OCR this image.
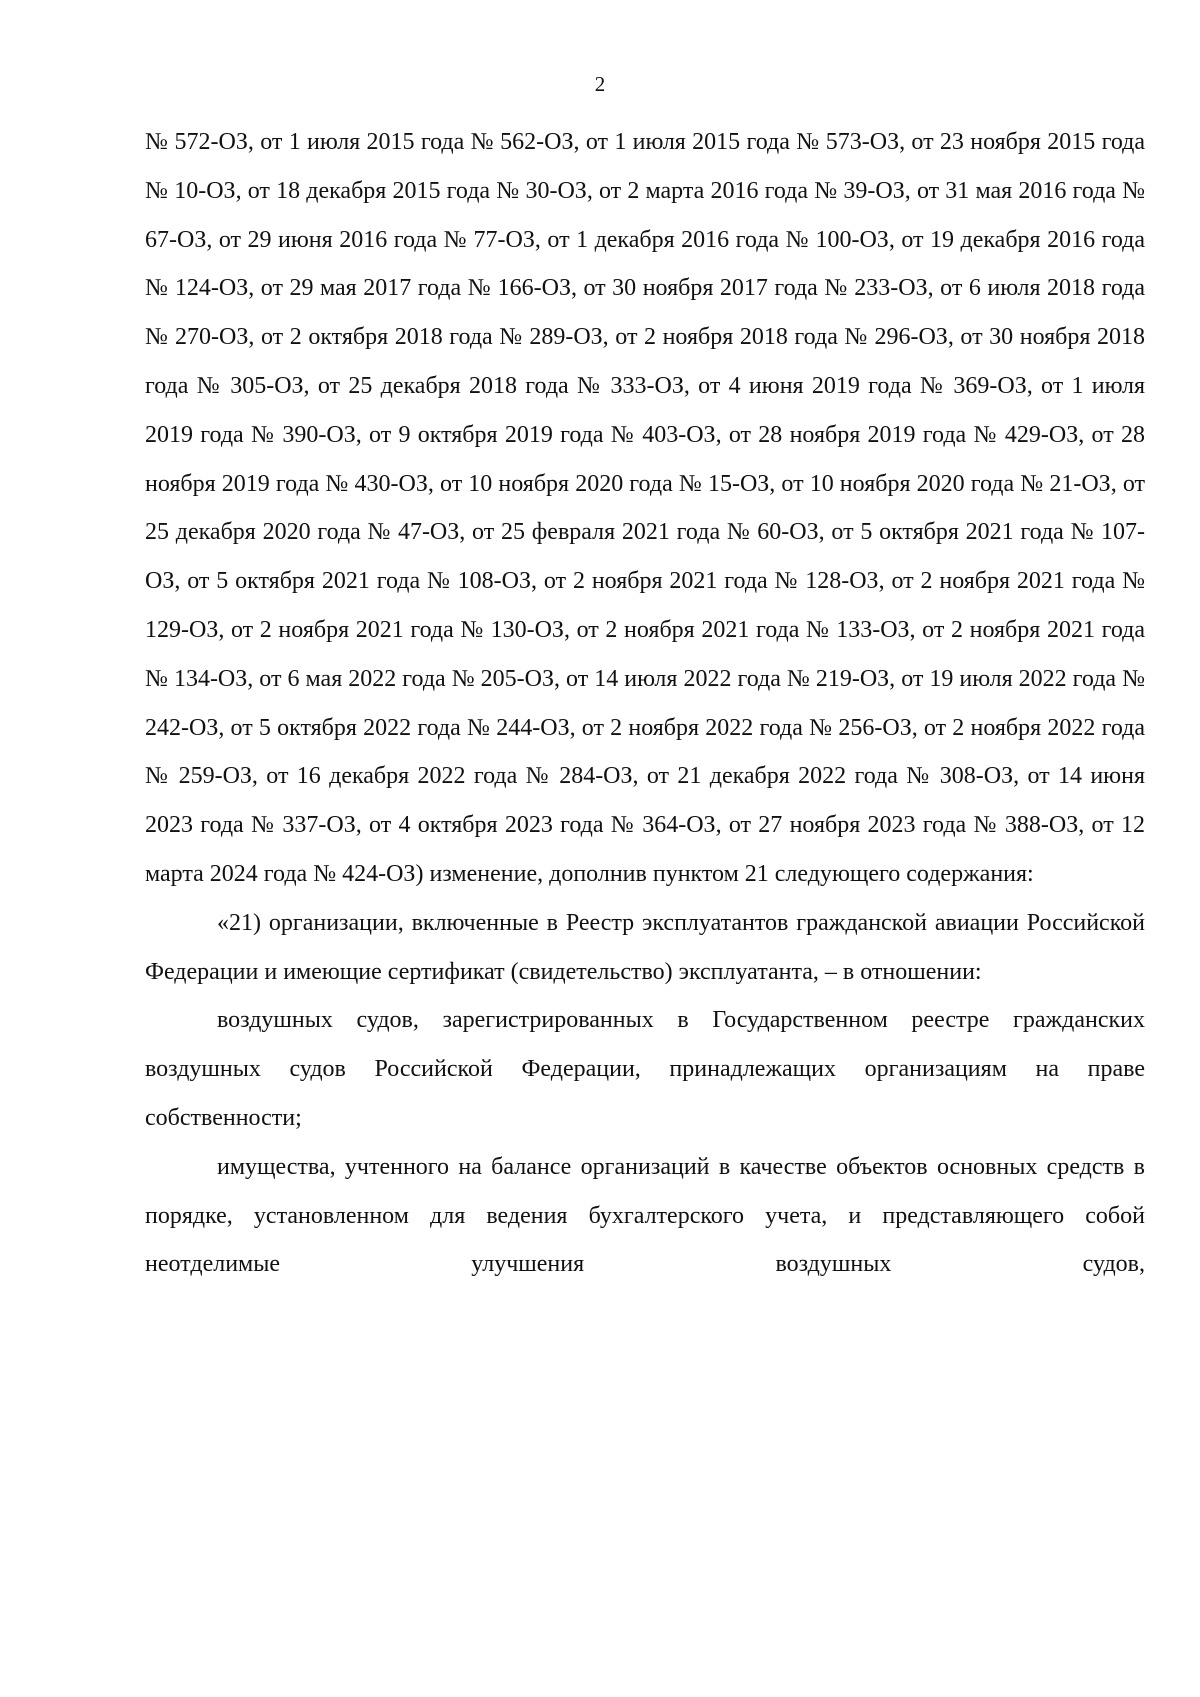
2

№ 572-ОЗ, от 1 июля 2015 года № 562-ОЗ, от 1 июля 2015 года № 573-ОЗ, от 23 ноября 2015 года № 10-ОЗ, от 18 декабря 2015 года № 30-ОЗ, от 2 марта 2016 года № 39-ОЗ, от 31 мая 2016 года № 67-ОЗ, от 29 июня 2016 года № 77-ОЗ, от 1 декабря 2016 года № 100-ОЗ, от 19 декабря 2016 года № 124-ОЗ, от 29 мая 2017 года № 166-ОЗ, от 30 ноября 2017 года № 233-ОЗ, от 6 июля 2018 года № 270-ОЗ, от 2 октября 2018 года № 289-ОЗ, от 2 ноября 2018 года № 296-ОЗ, от 30 ноября 2018 года № 305-ОЗ, от 25 декабря 2018 года № 333-ОЗ, от 4 июня 2019 года № 369-ОЗ, от 1 июля 2019 года № 390-ОЗ, от 9 октября 2019 года № 403-ОЗ, от 28 ноября 2019 года № 429-ОЗ, от 28 ноября 2019 года № 430-ОЗ, от 10 ноября 2020 года № 15-ОЗ, от 10 ноября 2020 года № 21-ОЗ, от 25 декабря 2020 года № 47-ОЗ, от 25 февраля 2021 года № 60-ОЗ, от 5 октября 2021 года № 107-ОЗ, от 5 октября 2021 года № 108-ОЗ, от 2 ноября 2021 года № 128-ОЗ, от 2 ноября 2021 года № 129-ОЗ, от 2 ноября 2021 года № 130-ОЗ, от 2 ноября 2021 года № 133-ОЗ, от 2 ноября 2021 года № 134-ОЗ, от 6 мая 2022 года № 205-ОЗ, от 14 июля 2022 года № 219-ОЗ, от 19 июля 2022 года № 242-ОЗ, от 5 октября 2022 года № 244-ОЗ, от 2 ноября 2022 года № 256-ОЗ, от 2 ноября 2022 года № 259-ОЗ, от 16 декабря 2022 года № 284-ОЗ, от 21 декабря 2022 года № 308-ОЗ, от 14 июня 2023 года № 337-ОЗ, от 4 октября 2023 года № 364-ОЗ, от 27 ноября 2023 года № 388-ОЗ, от 12 марта 2024 года № 424-ОЗ) изменение, дополнив пунктом 21 следующего содержания:

«21) организации, включенные в Реестр эксплуатантов гражданской авиации Российской Федерации и имеющие сертификат (свидетельство) эксплуатанта, – в отношении:

воздушных судов, зарегистрированных в Государственном реестре гражданских воздушных судов Российской Федерации, принадлежащих организациям на праве собственности;

имущества, учтенного на балансе организаций в качестве объектов основных средств в порядке, установленном для ведения бухгалтерского учета, и представляющего собой неотделимые улучшения воздушных судов,
